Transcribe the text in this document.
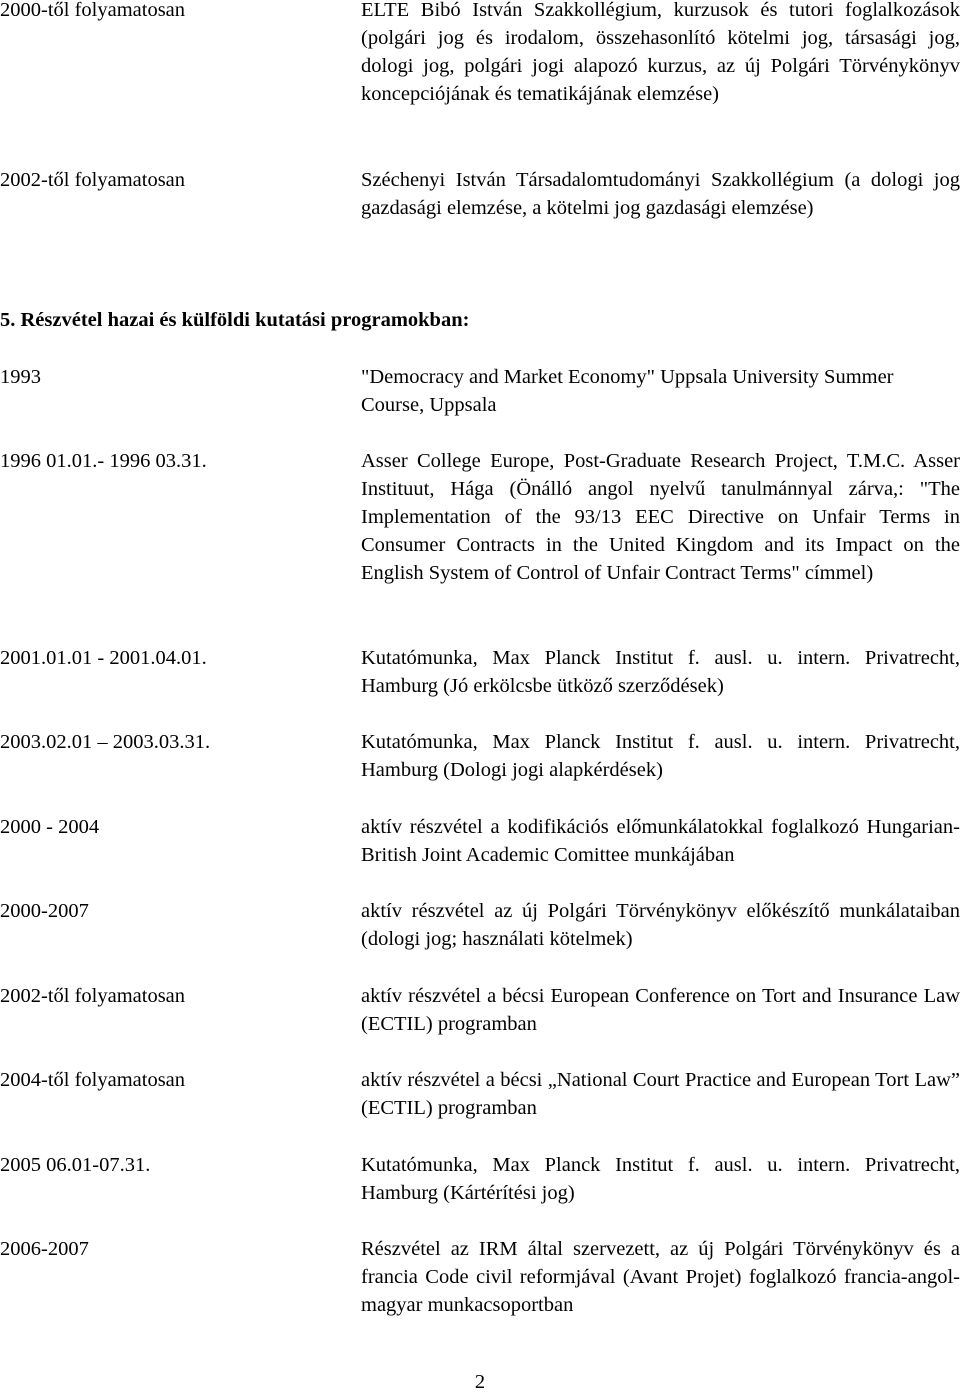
2000-től folyamatosan	ELTE Bibó István Szakkollégium, kurzusok és tutori foglalkozások (polgári jog és irodalom, összehasonlító kötelmi jog, társasági jog, dologi jog, polgári jogi alapozó kurzus, az új Polgári Törvénykönyv koncepciójának és tematikájának elemzése)
2002-től folyamatosan	Széchenyi István Társadalomtudományi Szakkollégium (a dologi jog gazdasági elemzése, a kötelmi jog gazdasági elemzése)
5. Részvétel hazai és külföldi kutatási programokban:
1993	"Democracy and Market Economy" Uppsala University Summer Course, Uppsala
1996 01.01.- 1996 03.31.	Asser College Europe, Post-Graduate Research Project, T.M.C. Asser Instituut, Hága (Önálló angol nyelvű tanulmánnyal zárva,: "The Implementation of the 93/13 EEC Directive on Unfair Terms in Consumer Contracts in the United Kingdom and its Impact on the English System of Control of Unfair Contract Terms" címmel)
2001.01.01 - 2001.04.01.	Kutatómunka, Max Planck Institut f. ausl. u. intern. Privatrecht, Hamburg (Jó erkölcsbe ütköző szerződések)
2003.02.01 – 2003.03.31.	Kutatómunka, Max Planck Institut f. ausl. u. intern. Privatrecht, Hamburg (Dologi jogi alapkérdések)
2000 - 2004	aktív részvétel a kodifikációs előmunkálatokkal foglalkozó Hungarian-British Joint Academic Comittee munkájában
2000-2007	aktív részvétel az új Polgári Törvénykönyv előkészítő munkálataiban (dologi jog; használati kötelmek)
2002-től folyamatosan	aktív részvétel a bécsi European Conference on Tort and Insurance Law (ECTIL) programban
2004-től folyamatosan	aktív részvétel a bécsi „National Court Practice and European Tort Law” (ECTIL) programban
2005 06.01-07.31.	Kutatómunka, Max Planck Institut f. ausl. u. intern. Privatrecht, Hamburg (Kártérítési jog)
2006-2007	Részvétel az IRM által szervezett, az új Polgári Törvénykönyv és a francia Code civil reformjával (Avant Projet) foglalkozó francia-angol-magyar munkacsoportban
2
